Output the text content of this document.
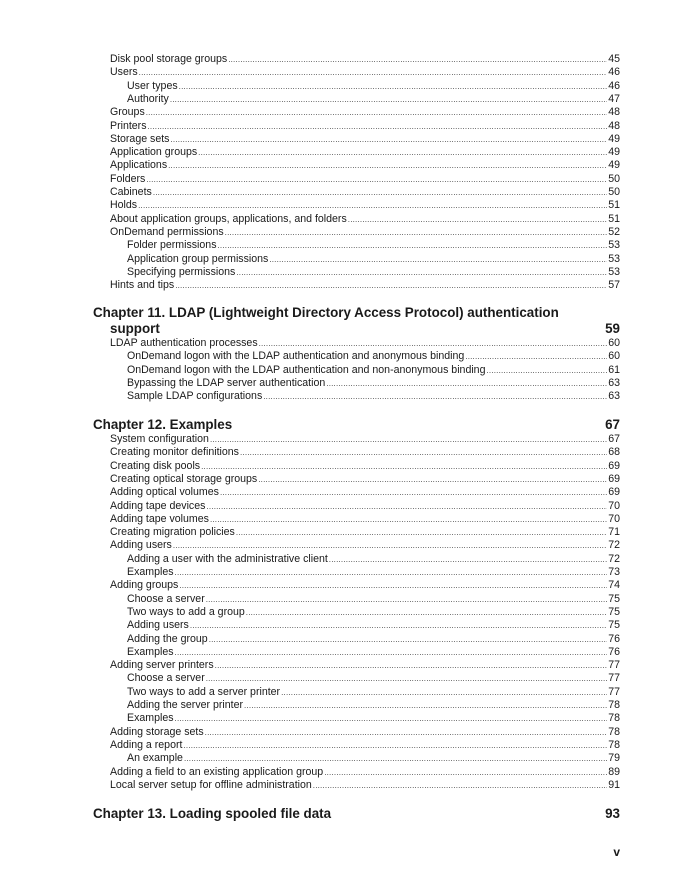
Disk pool storage groups .....	45
Users .....	46
User types .....	46
Authority .....	47
Groups .....	48
Printers .....	48
Storage sets .....	49
Application groups .....	49
Applications .....	49
Folders .....	50
Cabinets .....	50
Holds .....	51
About application groups, applications, and folders .....	51
OnDemand permissions .....	52
Folder permissions .....	53
Application group permissions .....	53
Specifying permissions .....	53
Hints and tips .....	57
Chapter 11. LDAP (Lightweight Directory Access Protocol) authentication
support	59
LDAP authentication processes .....	60
OnDemand logon with the LDAP authentication and anonymous binding .....	60
OnDemand logon with the LDAP authentication and non-anonymous binding .....	61
Bypassing the LDAP server authentication .....	63
Sample LDAP configurations .....	63
Chapter 12. Examples	67
System configuration .....	67
Creating monitor definitions .....	68
Creating disk pools .....	69
Creating optical storage groups .....	69
Adding optical volumes .....	69
Adding tape devices .....	70
Adding tape volumes .....	70
Creating migration policies .....	71
Adding users .....	72
Adding a user with the administrative client .....	72
Examples .....	73
Adding groups .....	74
Choose a server .....	75
Two ways to add a group .....	75
Adding users .....	75
Adding the group .....	76
Examples .....	76
Adding server printers .....	77
Choose a server .....	77
Two ways to add a server printer .....	77
Adding the server printer .....	78
Examples .....	78
Adding storage sets .....	78
Adding a report .....	78
An example .....	79
Adding a field to an existing application group .....	89
Local server setup for offline administration .....	91
Chapter 13. Loading spooled file data	93
v
